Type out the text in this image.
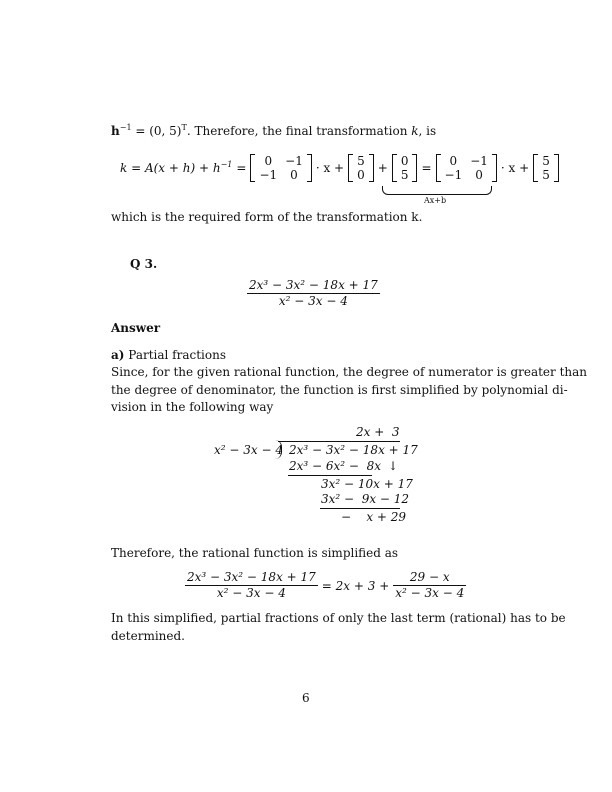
$h^{-1} = (0$, 5)$^T$. Therefore, the final transformation k, is
$k = A(x + h) + h^{-1} = 0$	−1
−1	0 · x + 5
0 + 0
5 = 0	−1
−1	0 · x + 5
5
Ax+b
which is the required form of the transformation k.
Q 3.
$\frac{\text{2x³ − 3x² − 18x + 17}}{\text{x² − 3x − 4}}$
Answer
a) Partial fractions
Since, for the given rational function, the degree of numerator is greater than
the degree of denominator, the function is first simplified by polynomial di-
vision in the following way
2x +  3
x² − 3x − 4 2x³ − 3x² − 18x + 17
2x³ − 6x² −  8x ↓
3x² − 10x + 17
3x² −  9x − 12
−    x + 29
Therefore, the rational function is simplified as
$\frac{\text{2x³ − 3x² − 18x + 17}}{\text{x² − 3x − 4}} = 2x + 3 + \frac{29 - x}{\text{x² − 3x − 4}}$
In this simplified, partial fractions of only the last term (rational) has to be
determined.
6
